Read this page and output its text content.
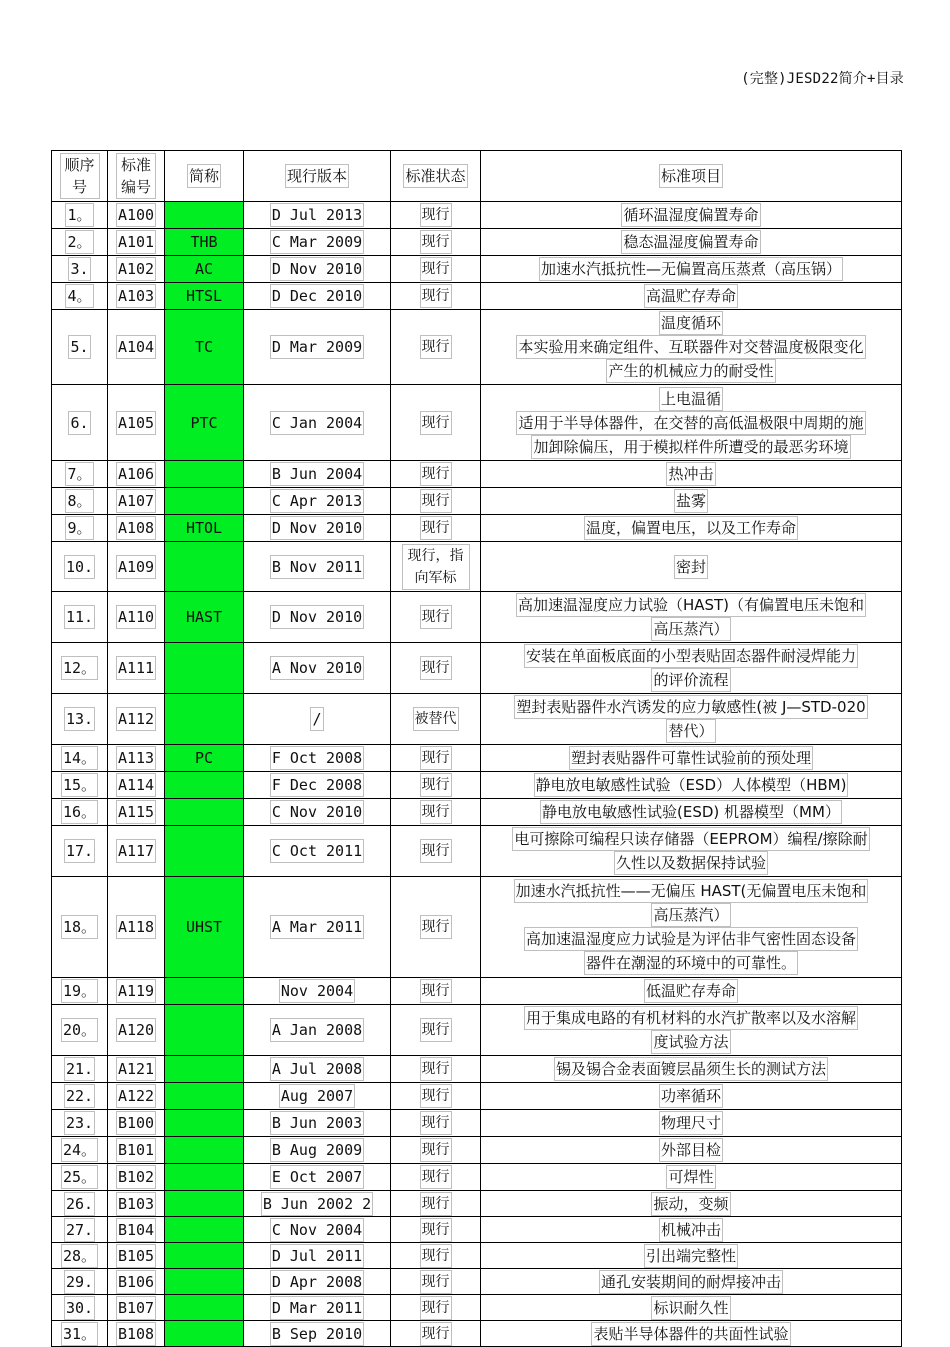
(完整)JESD22简介+目录
顺序号	标准编号	简称	现行版本	标准状态	标准项目
1。	A100		D Jul 2013	现行	循环温湿度偏置寿命

2。	A101	THB	C Mar 2009	现行	稳态温湿度偏置寿命

3.	A102	AC	D Nov 2010	现行	加速水汽抵抗性—无偏置高压蒸煮（高压锅）

4。	A103	HTSL	D Dec 2010	现行	高温贮存寿命

5.	A104	TC	D Mar 2009	现行	温度循环
本实验用来确定组件、互联器件对交替温度极限变化
产生的机械应力的耐受性

6.	A105	PTC	C Jan 2004	现行	上电温循
适用于半导体器件，在交替的高低温极限中周期的施
加卸除偏压，用于模拟样件所遭受的最恶劣环境

7。	A106		B Jun 2004	现行	热冲击

8。	A107		C Apr 2013	现行	盐雾

9。	A108	HTOL	D Nov 2010	现行	温度，偏置电压，以及工作寿命

10.	A109		B Nov 2011	现行，指向军标	密封

11.	A110	HAST	D Nov 2010	现行	高加速温湿度应力试验（HAST)（有偏置电压未饱和
高压蒸汽）

12。	A111		A Nov 2010	现行	安装在单面板底面的小型表贴固态器件耐浸焊能力
的评价流程

13.	A112		/	被替代	塑封表贴器件水汽诱发的应力敏感性(被 J—STD-020
替代）

14。	A113	PC	F Oct 2008	现行	塑封表贴器件可靠性试验前的预处理

15。	A114		F Dec 2008	现行	静电放电敏感性试验（ESD）人体模型（HBM)

16。	A115		C Nov 2010	现行	静电放电敏感性试验(ESD) 机器模型（MM）

17.	A117		C Oct 2011	现行	电可擦除可编程只读存储器（EEPROM）编程/擦除耐
久性以及数据保持试验

18。	A118	UHST	A Mar 2011	现行	加速水汽抵抗性——无偏压 HAST(无偏置电压未饱和
高压蒸汽）
高加速温湿度应力试验是为评估非气密性固态设备
器件在潮湿的环境中的可靠性。

19。	A119		Nov 2004	现行	低温贮存寿命

20。	A120		A Jan 2008	现行	用于集成电路的有机材料的水汽扩散率以及水溶解
度试验方法

21.	A121		A Jul 2008	现行	锡及锡合金表面镀层晶须生长的测试方法

22.	A122		Aug 2007	现行	功率循环

23.	B100		B Jun 2003	现行	物理尺寸

24。	B101		B Aug 2009	现行	外部目检

25。	B102		E Oct 2007	现行	可焊性

26.	B103		B Jun 2002 2	现行	振动，变频

27.	B104		C Nov 2004	现行	机械冲击

28。	B105		D Jul 2011	现行	引出端完整性

29.	B106		D Apr 2008	现行	通孔安装期间的耐焊接冲击

30.	B107		D Mar 2011	现行	标识耐久性

31。	B108		B Sep 2010	现行	表贴半导体器件的共面性试验
